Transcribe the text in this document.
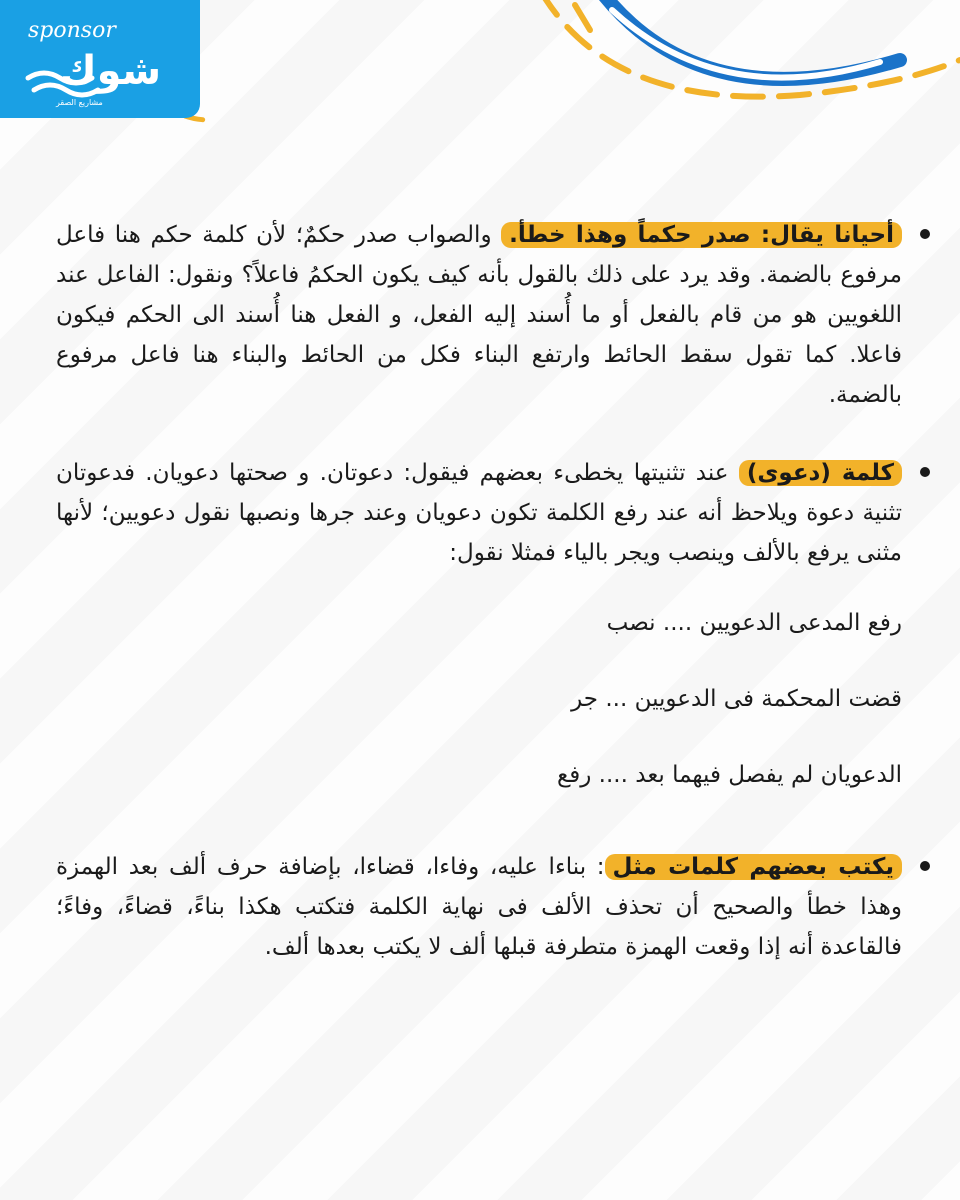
sponsor
شوك
مشاريع الصقر

أحيانا يقال: صدر حكماً وهذا خطأ. والصواب صدر حكمٌ؛ لأن كلمة حكم هنا فاعل مرفوع بالضمة. وقد يرد على ذلك بالقول بأنه كيف يكون الحكمُ فاعلاً؟ ونقول: الفاعل عند اللغويين هو من قام بالفعل أو ما أُسند إليه الفعل، و الفعل هنا أُسند الى الحكم فيكون فاعلا. كما تقول سقط الحائط وارتفع البناء فكل من الحائط والبناء هنا فاعل مرفوع بالضمة.

كلمة (دعوى) عند تثنيتها يخطىء بعضهم فيقول: دعوتان. و صحتها دعويان. فدعوتان تثنية دعوة ويلاحظ أنه عند رفع الكلمة تكون دعويان وعند جرها ونصبها نقول دعويين؛ لأنها مثنى يرفع بالألف وينصب ويجر بالياء فمثلا نقول:

رفع المدعى الدعويين .... نصب

قضت المحكمة فى الدعويين ... جر

الدعويان لم يفصل فيهما بعد .... رفع

يكتب بعضهم كلمات مثل: بناءا عليه، وفاءا، قضاءا، بإضافة حرف ألف بعد الهمزة وهذا خطأ والصحيح أن تحذف الألف فى نهاية الكلمة فتكتب هكذا بناءً، قضاءً، وفاءً؛ فالقاعدة أنه إذا وقعت الهمزة متطرفة قبلها ألف لا يكتب بعدها ألف.
